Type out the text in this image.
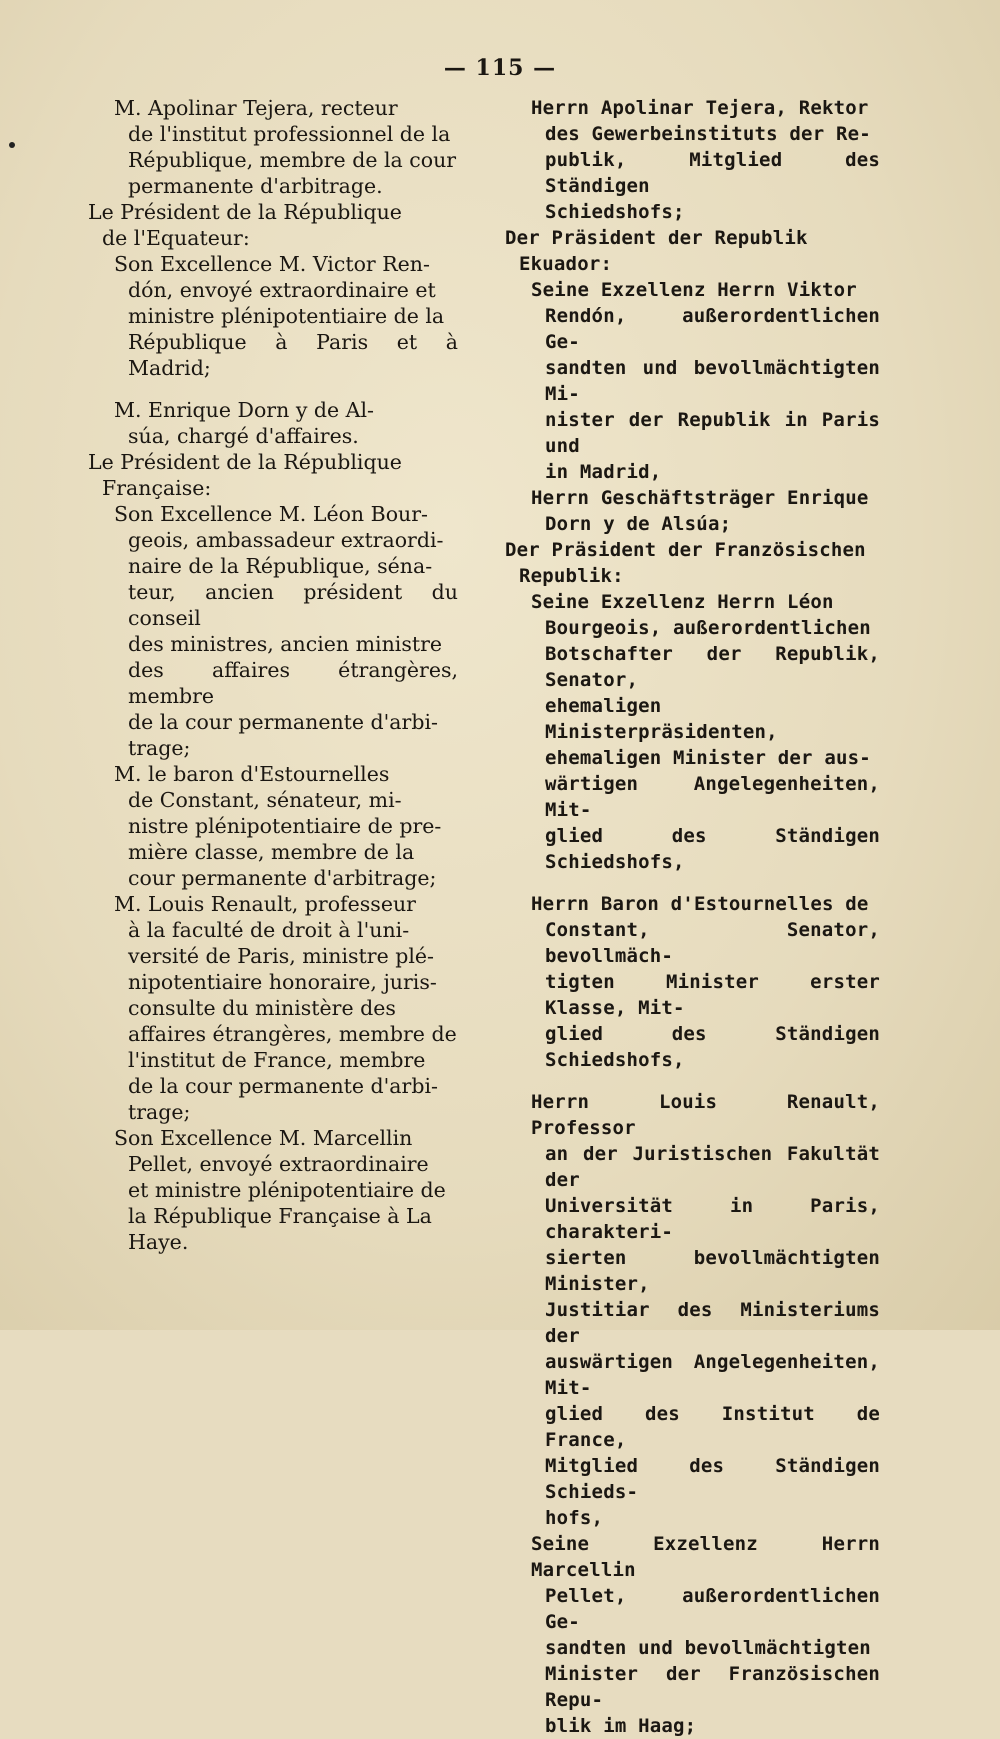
— 115 —

M. Apolinar Tejera, recteur
de l'institut professionnel de la
République, membre de la cour
permanente d'arbitrage.

Le Président de la République
de l'Equateur:

Son Excellence M. Victor Ren-
dón, envoyé extraordinaire et
ministre plénipotentiaire de la
République à Paris et à Madrid;

M. Enrique Dorn y de Al-
súa, chargé d'affaires.

Le Président de la République
Française:

Son Excellence M. Léon Bour-
geois, ambassadeur extraordi-
naire de la République, séna-
teur, ancien président du conseil
des ministres, ancien ministre
des affaires étrangères, membre
de la cour permanente d'arbi-
trage;

M. le baron d'Estournelles
de Constant, sénateur, mi-
nistre plénipotentiaire de pre-
mière classe, membre de la
cour permanente d'arbitrage;

M. Louis Renault, professeur
à la faculté de droit à l'uni-
versité de Paris, ministre plé-
nipotentiaire honoraire, juris-
consulte du ministère des
affaires étrangères, membre de
l'institut de France, membre
de la cour permanente d'arbi-
trage;

Son Excellence M. Marcellin
Pellet, envoyé extraordinaire
et ministre plénipotentiaire de
la République Française à La
Haye.

Herrn Apolinar Tejera, Rektor
des Gewerbeinstituts der Re-
publik, Mitglied des Ständigen
Schiedshofs;

Der Präsident der Republik
Ekuador:

Seine Exzellenz Herrn Viktor
Rendón, außerordentlichen Ge-
sandten und bevollmächtigten Mi-
nister der Republik in Paris und
in Madrid,

Herrn Geschäftsträger Enrique
Dorn y de Alsúa;

Der Präsident der Französischen
Republik:

Seine Exzellenz Herrn Léon
Bourgeois, außerordentlichen
Botschafter der Republik, Senator,
ehemaligen Ministerpräsidenten,
ehemaligen Minister der aus-
wärtigen Angelegenheiten, Mit-
glied des Ständigen Schiedshofs,

Herrn Baron d'Estournelles de
Constant, Senator, bevollmäch-
tigten Minister erster Klasse, Mit-
glied des Ständigen Schiedshofs,

Herrn Louis Renault, Professor
an der Juristischen Fakultät der
Universität in Paris, charakteri-
sierten bevollmächtigten Minister,
Justitiar des Ministeriums der
auswärtigen Angelegenheiten, Mit-
glied des Institut de France,
Mitglied des Ständigen Schieds-
hofs,

Seine Exzellenz Herrn Marcellin
Pellet, außerordentlichen Ge-
sandten und bevollmächtigten
Minister der Französischen Repu-
blik im Haag;
